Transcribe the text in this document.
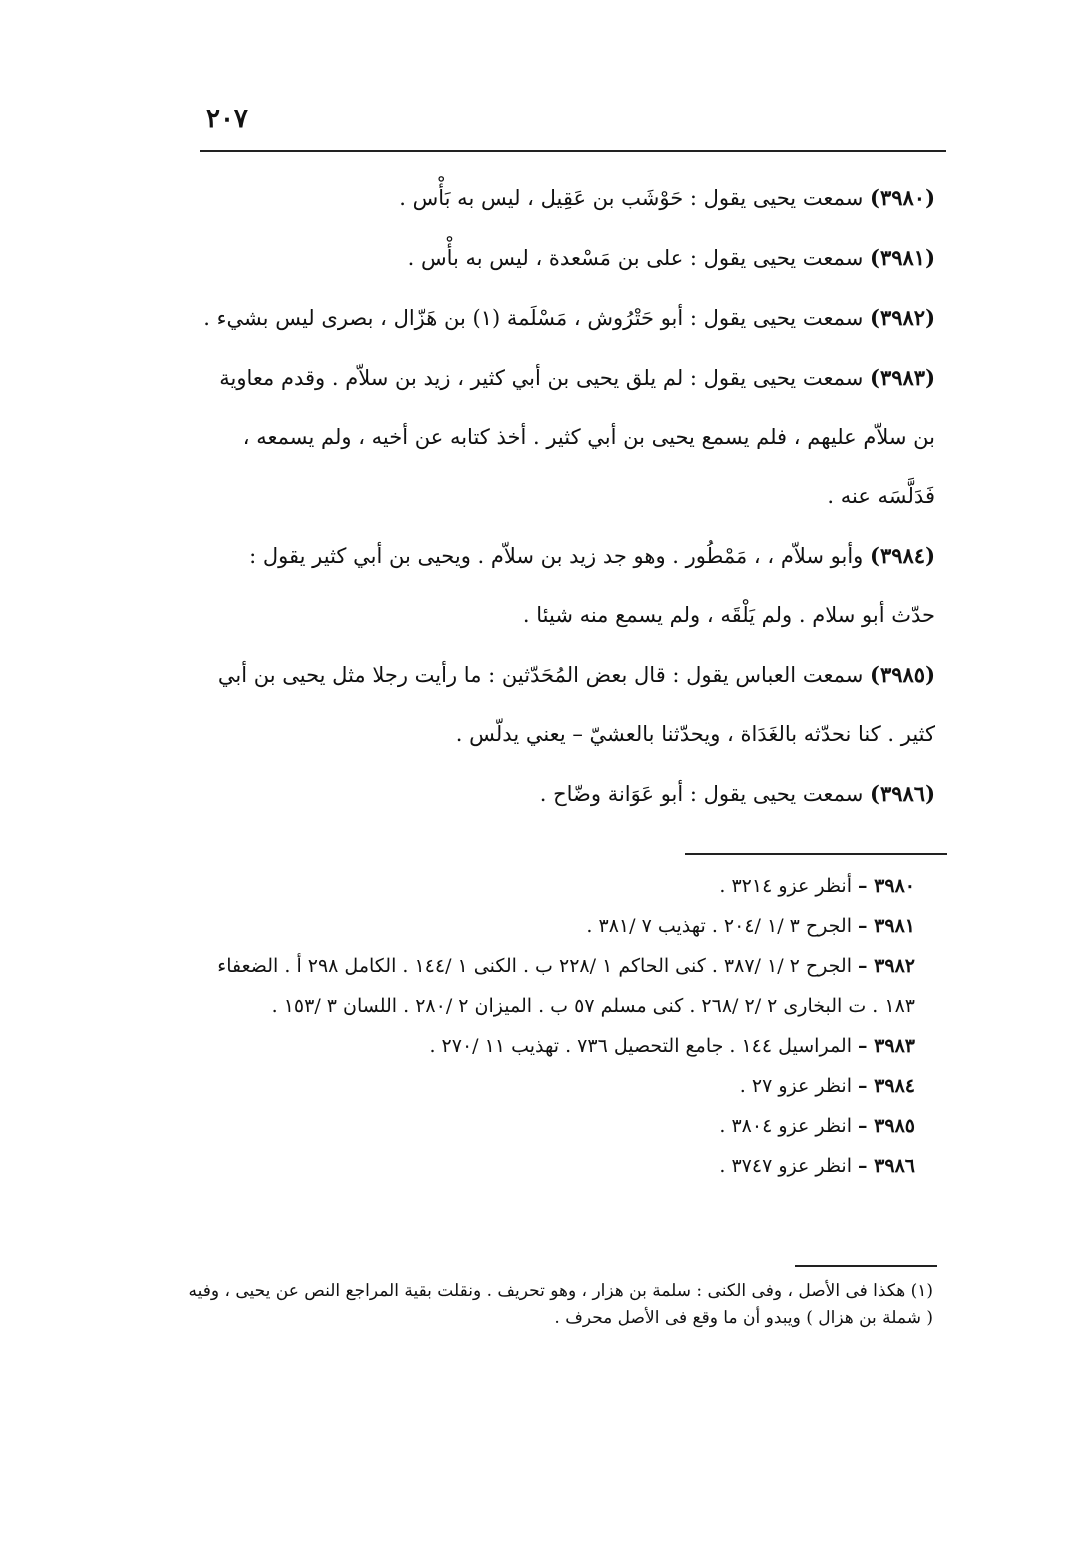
٢٠٧

(٣٩٨٠) سمعت يحيى يقول : حَوْشَب بن عَقِيل ، ليس به بَأْس .

(٣٩٨١) سمعت يحيى يقول : على بن مَسْعدة ، ليس به بأْس .

(٣٩٨٢) سمعت يحيى يقول : أبو حَتْرُوش ، مَسْلَمة (١) بن هَزّال ، بصرى ليس بشيء .

(٣٩٨٣) سمعت يحيى يقول : لم يلق يحيى بن أبي كثير ، زيد بن سلاّم . وقدم معاوية بن سلاّم عليهم ، فلم يسمع يحيى بن أبي كثير . أخذ كتابه عن أخيه ، ولم يسمعه ، فَدَلَّسَه عنه .

(٣٩٨٤) وأبو سلاّم ، ، مَمْطُور . وهو جد زيد بن سلاّم . ويحيى بن أبي كثير يقول : حدّث أبو سلام . ولم يَلْقَه ، ولم يسمع منه شيئا .

(٣٩٨٥) سمعت العباس يقول : قال بعض المُحَدّثين : ما رأيت رجلا مثل يحيى بن أبي كثير . كنا نحدّثه بالغَدَاة ، ويحدّثنا بالعشيّ – يعني يدلّس .

(٣٩٨٦) سمعت يحيى يقول : أبو عَوَانة وضّاح .

٣٩٨٠ – أنظر عزو ٣٢١٤ .

٣٩٨١ – الجرح ٣ /١ /٢٠٤ . تهذيب ٧ /٣٨١ .

٣٩٨٢ – الجرح ٢ /١ /٣٨٧ . كنى الحاكم ١ /٢٢٨ ب . الكنى ١ /١٤٤ . الكامل ٢٩٨ أ . الضعفاء ١٨٣ . ت البخارى ٢ /٢ /٢٦٨ . كنى مسلم ٥٧ ب . الميزان ٢ /٢٨٠ . اللسان ٣ /١٥٣ .

٣٩٨٣ – المراسيل ١٤٤ . جامع التحصيل ٧٣٦ . تهذيب ١١ /٢٧٠ .

٣٩٨٤ – انظر عزو ٢٧ .

٣٩٨٥ – انظر عزو ٣٨٠٤ .

٣٩٨٦ – انظر عزو ٣٧٤٧ .

(١) هكذا فى الأصل ، وفى الكنى : سلمة بن هزار ، وهو تحريف . ونقلت بقية المراجع النص عن يحيى ، وفيه ( شملة بن هزال ) ويبدو أن ما وقع فى الأصل محرف .
